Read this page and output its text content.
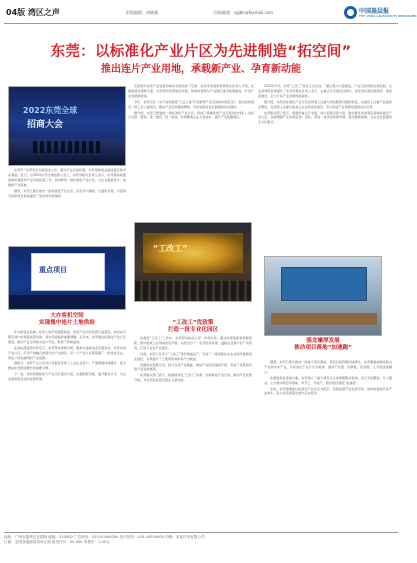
04版 湾区之声	组版编辑：胡晓薇	投稿邮箱：sgjbk@foxmail.com	中国基层报
THE CHINA GRASSROOTS NEWSPAPER
东莞：以标准化产业片区为先进制造“拓空间”
推出连片产业用地，承载新产业、孕育新动能
2022东莞全球
招商大会

元资源为东莞产业发展和城市发展拓展了空间。东莞市发展改革局相关负责人介绍，在推进城市更新方面，东莞坚持先规划后实施，将城市更新与产业园区建设统筹推进，打造产业发展新载体。

今年，东莞出台《关于加快推进“工业上楼”打造新型产业空间的实施意见》，提出加快建设一批工业上楼项目，推动产业空间提质增效，为先进制造业发展提供优质载体。

据介绍，东莞已经建成一批标准化产业片区，形成了规模化的产业空间供给体系。这些片区统一规划、统一建设、统一招商，有效降低企业入驻成本，提升产业集聚效应。

东莞讯 “东莞坚持以制造业立市，推动产业空间拓展，为先进制造业高质量发展夯实基础。”近日，在2022东莞全球招商大会上，东莞市相关负责人表示，东莞将持续推进城市更新和产业空间拓展工作，加快释放一批标准化产业片区，为企业提供连片、成熟的产业用地。

据悉，东莞已累计推出一批标准化产业片区，涉及多个镇街，总面积可观，为招商引资和项目落地提供了坚实的空间保障。

2022年9月，东莞“工改工”项目正式启动。“通过集中力量推进，产业空间得到有效拓展，企业获得感显著提升。”东莞市相关负责人表示，在重点片区建设过程中，东莞坚持高标准规划、高质量建设，全力打造产业发展的新高地。

据介绍，东莞的标准化产业片区在规划上注重与周边配套设施的衔接，在建设上注重产业链的完整性，在招商上注重引进龙头企业和优质项目，努力形成产业集聚发展的良好态势。

东莞相关部门表示，将围绕重点产业链，加大招商引资力度，推动更多优质项目落地标准化产业片区，持续增强产业发展后劲。同时，将进一步优化营商环境，强化要素保障，为企业发展提供全方位服务。

“工改工”
重点项目
大亦客机空间
实现集中连片土地供给	“工改工”优政策
打造一批专业化园区
强龙壕厚发展
推动项目落地“加速跑”

作为制造业名城，东莞土地开发强度较高，传统产业空间资源日益紧张。如何在有限空间内实现高质量发展，是东莞面临的重要课题。近年来，东莞通过标准化产业片区建设，推动产业空间集中连片开发，取得了积极成效。

在高标准建设的背景下，东莞坚持规划引领，聚焦先进制造业发展需求，科学布局产业片区，打造产城融合的现代化产业园区。每一个产业片区都集聚了一批优质企业，形成了特色鲜明的产业集群。

据统计，东莞产业片区内已有数百家规上工业企业落户，产值规模持续攀升，成为推动东莞经济增长的重要引擎。

下一步，东莞将继续加大产业片区建设力度，完善配套设施，提升服务水平，为企业提供更优质的发展环境。

在推进“工改工”工作中，东莞坚持政府主导、市场运作，通过政策创新和机制创新，推动低效工业用地改造升级。东莞出台了一系列支持政策，鼓励企业参与旧厂房改造，打造专业化产业园区。

目前，东莞已有多个“工改工”项目建成投产，引进了一批高新技术企业和先进制造业项目，有效提升了土地利用效率和产出效益。

各镇街也积极行动，结合自身产业基础，推动产业园区提质升级，形成了各具特色的产业发展格局。

东莞相关部门表示，将继续深化“工改工”改革，加快释放产业空间，推动产业转型升级，为东莞高质量发展注入新动能。

据悉，东莞已累计推动一批重大项目落地，项目总投资额持续增长。东莞聚焦战略性新兴产业和未来产业，以标准化产业片区为载体，推动产业链、创新链、资金链、人才链深度融合。

在推进项目落地方面，东莞建立了重大项目全生命周期服务机制，实行专班跟进、专人服务，全力推动项目早落地、早开工、早投产，跑出项目建设“加速度”。

未来，东莞将继续以标准化产业片区为抓手，持续拓展产业发展空间，加快构建现代化产业体系，奋力在高质量发展中走在前列。

地址：广州市越秀区东园路 邮编：510000 广告热线：020-00000000 发行热线：020-00000000 印刷：某某印务有限公司
订阅：全国各地邮局均可订阅 邮发代号：00-000 零售价：1.00元
